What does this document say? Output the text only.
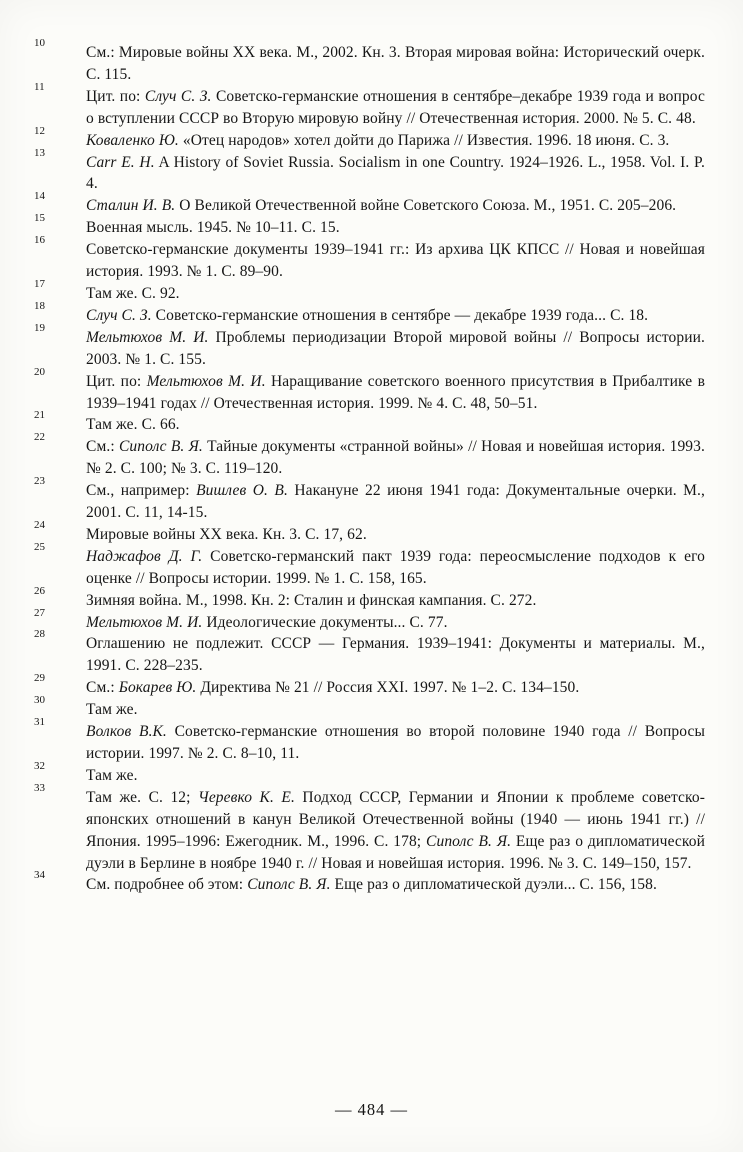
10
См.: Мировые войны XX века. М., 2002. Кн. 3. Вторая мировая война: Исторический очерк. С. 115.

11
Цит. по: Случ С. З. Советско-германские отношения в сентябре–декабре 1939 года и вопрос о вступлении СССР во Вторую мировую войну // Отечественная история. 2000. № 5. С. 48.

12
Коваленко Ю. «Отец народов» хотел дойти до Парижа // Известия. 1996. 18 июня. С. 3.

13
Carr E. H. A History of Soviet Russia. Socialism in one Country. 1924–1926. L., 1958. Vol. I. P. 4.

14
Сталин И. В. О Великой Отечественной войне Советского Союза. М., 1951. С. 205–206.

15
Военная мысль. 1945. № 10–11. С. 15.

16
Советско-германские документы 1939–1941 гг.: Из архива ЦК КПСС // Новая и новейшая история. 1993. № 1. С. 89–90.

17
Там же. С. 92.

18
Случ С. З. Советско-германские отношения в сентябре — декабре 1939 года... С. 18.

19
Мельтюхов М. И. Проблемы периодизации Второй мировой войны // Вопросы истории. 2003. № 1. С. 155.

20
Цит. по: Мельтюхов М. И. Наращивание советского военного присутствия в Прибалтике в 1939–1941 годах // Отечественная история. 1999. № 4. С. 48, 50–51.

21
Там же. С. 66.

22
См.: Сиполс В. Я. Тайные документы «странной войны» // Новая и новейшая история. 1993. № 2. С. 100; № 3. С. 119–120.

23
См., например: Вишлев О. В. Накануне 22 июня 1941 года: Документальные очерки. М., 2001. С. 11, 14-15.

24
Мировые войны XX века. Кн. 3. С. 17, 62.

25
Наджафов Д. Г. Советско-германский пакт 1939 года: переосмысление подходов к его оценке // Вопросы истории. 1999. № 1. С. 158, 165.

26
Зимняя война. М., 1998. Кн. 2: Сталин и финская кампания. С. 272.

27
Мельтюхов М. И. Идеологические документы... С. 77.

28
Оглашению не подлежит. СССР — Германия. 1939–1941: Документы и материалы. М., 1991. С. 228–235.

29
См.: Бокарев Ю. Директива № 21 // Россия XXI. 1997. № 1–2. С. 134–150.

30
Там же.

31
Волков В.К. Советско-германские отношения во второй половине 1940 года // Вопросы истории. 1997. № 2. С. 8–10, 11.

32
Там же.

33
Там же. С. 12; Черевко К. Е. Подход СССР, Германии и Японии к проблеме советско-японских отношений в канун Великой Отечественной войны (1940 — июнь 1941 гг.) // Япония. 1995–1996: Ежегодник. М., 1996. С. 178; Сиполс В. Я. Еще раз о дипломатической дуэли в Берлине в ноябре 1940 г. // Новая и новейшая история. 1996. № 3. С. 149–150, 157.

34
См. подробнее об этом: Сиполс В. Я. Еще раз о дипломатической дуэли... С. 156, 158.

— 484 —
